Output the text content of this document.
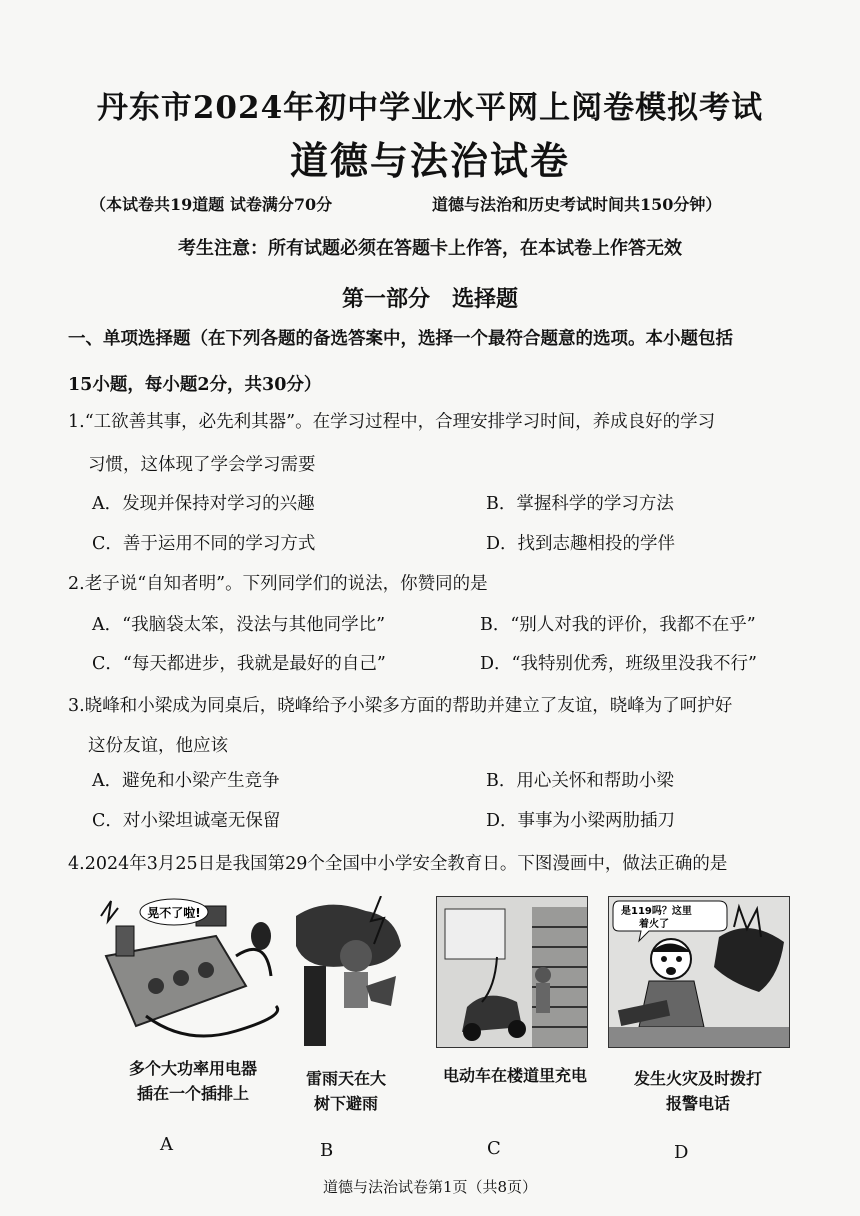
丹东市2024年初中学业水平网上阅卷模拟考试
道德与法治试卷
（本试卷共19道题 试卷满分70分	道德与法治和历史考试时间共150分钟）
考生注意：所有试题必须在答题卡上作答，在本试卷上作答无效
第一部分　选择题
一、单项选择题（在下列各题的备选答案中，选择一个最符合题意的选项。本小题包括
15小题，每小题2分，共30分）
1.“工欲善其事，必先利其器”。在学习过程中，合理安排学习时间，养成良好的学习
习惯，这体现了学会学习需要
A．发现并保持对学习的兴趣	B．掌握科学的学习方法
C．善于运用不同的学习方式	D．找到志趣相投的学伴
2.老子说“自知者明”。下列同学们的说法，你赞同的是
A．“我脑袋太笨，没法与其他同学比”	B．“别人对我的评价，我都不在乎”
C．“每天都进步，我就是最好的自己”	D．“我特别优秀，班级里没我不行”
3.晓峰和小梁成为同桌后，晓峰给予小梁多方面的帮助并建立了友谊，晓峰为了呵护好
这份友谊，他应该
A．避免和小梁产生竞争	B．用心关怀和帮助小梁
C．对小梁坦诚毫无保留	D．事事为小梁两肋插刀
4.2024年3月25日是我国第29个全国中小学安全教育日。下图漫画中，做法正确的是
晃不了啦!	是119吗？这里
着火了
多个大功率用电器
插在一个插排上
雷雨天在大
树下避雨
电动车在楼道里充电	发生火灾及时拨打
报警电话
A	B	C	D
道德与法治试卷第1页（共8页）
